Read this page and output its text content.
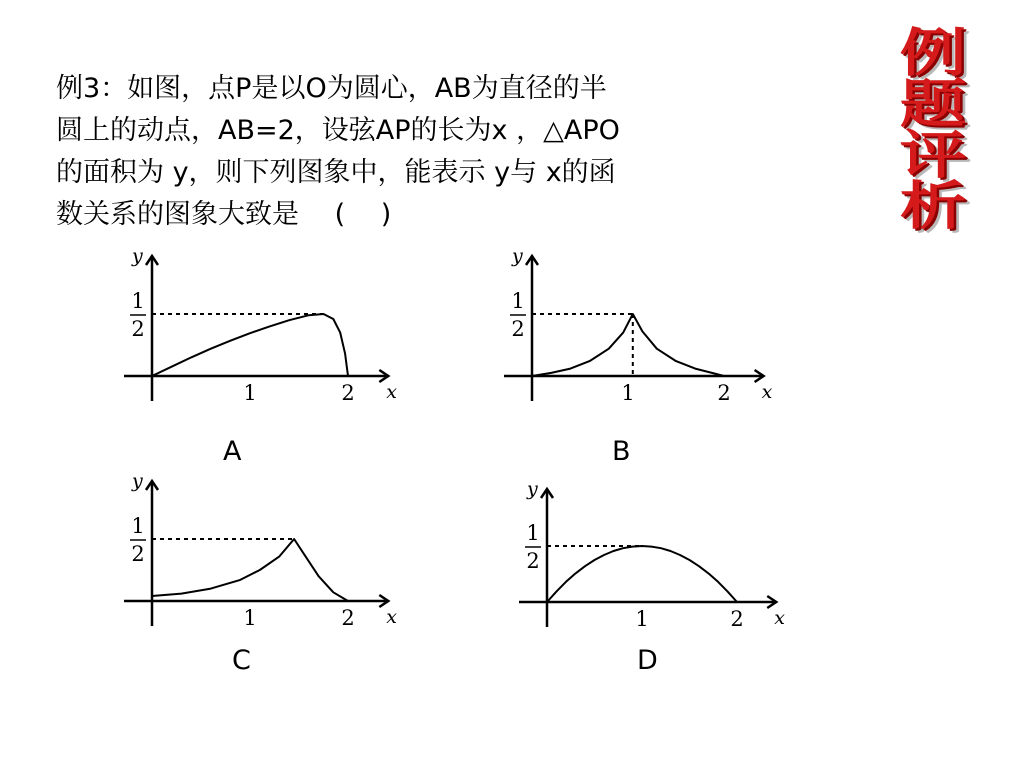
例3：如图，点P是以O为圆心，AB为直径的半
圆上的动点，AB=2，设弦AP的长为x ，△APO
的面积为 y，则下列图象中，能表示 y与 x的函
数关系的图象大致是　 (　 )
例
题
评
析
x
y
1	2
1
2
x
y
1	2
1
2
x
y
1	2
1
2
x
y
1	2
1
2
A	B
C	D
